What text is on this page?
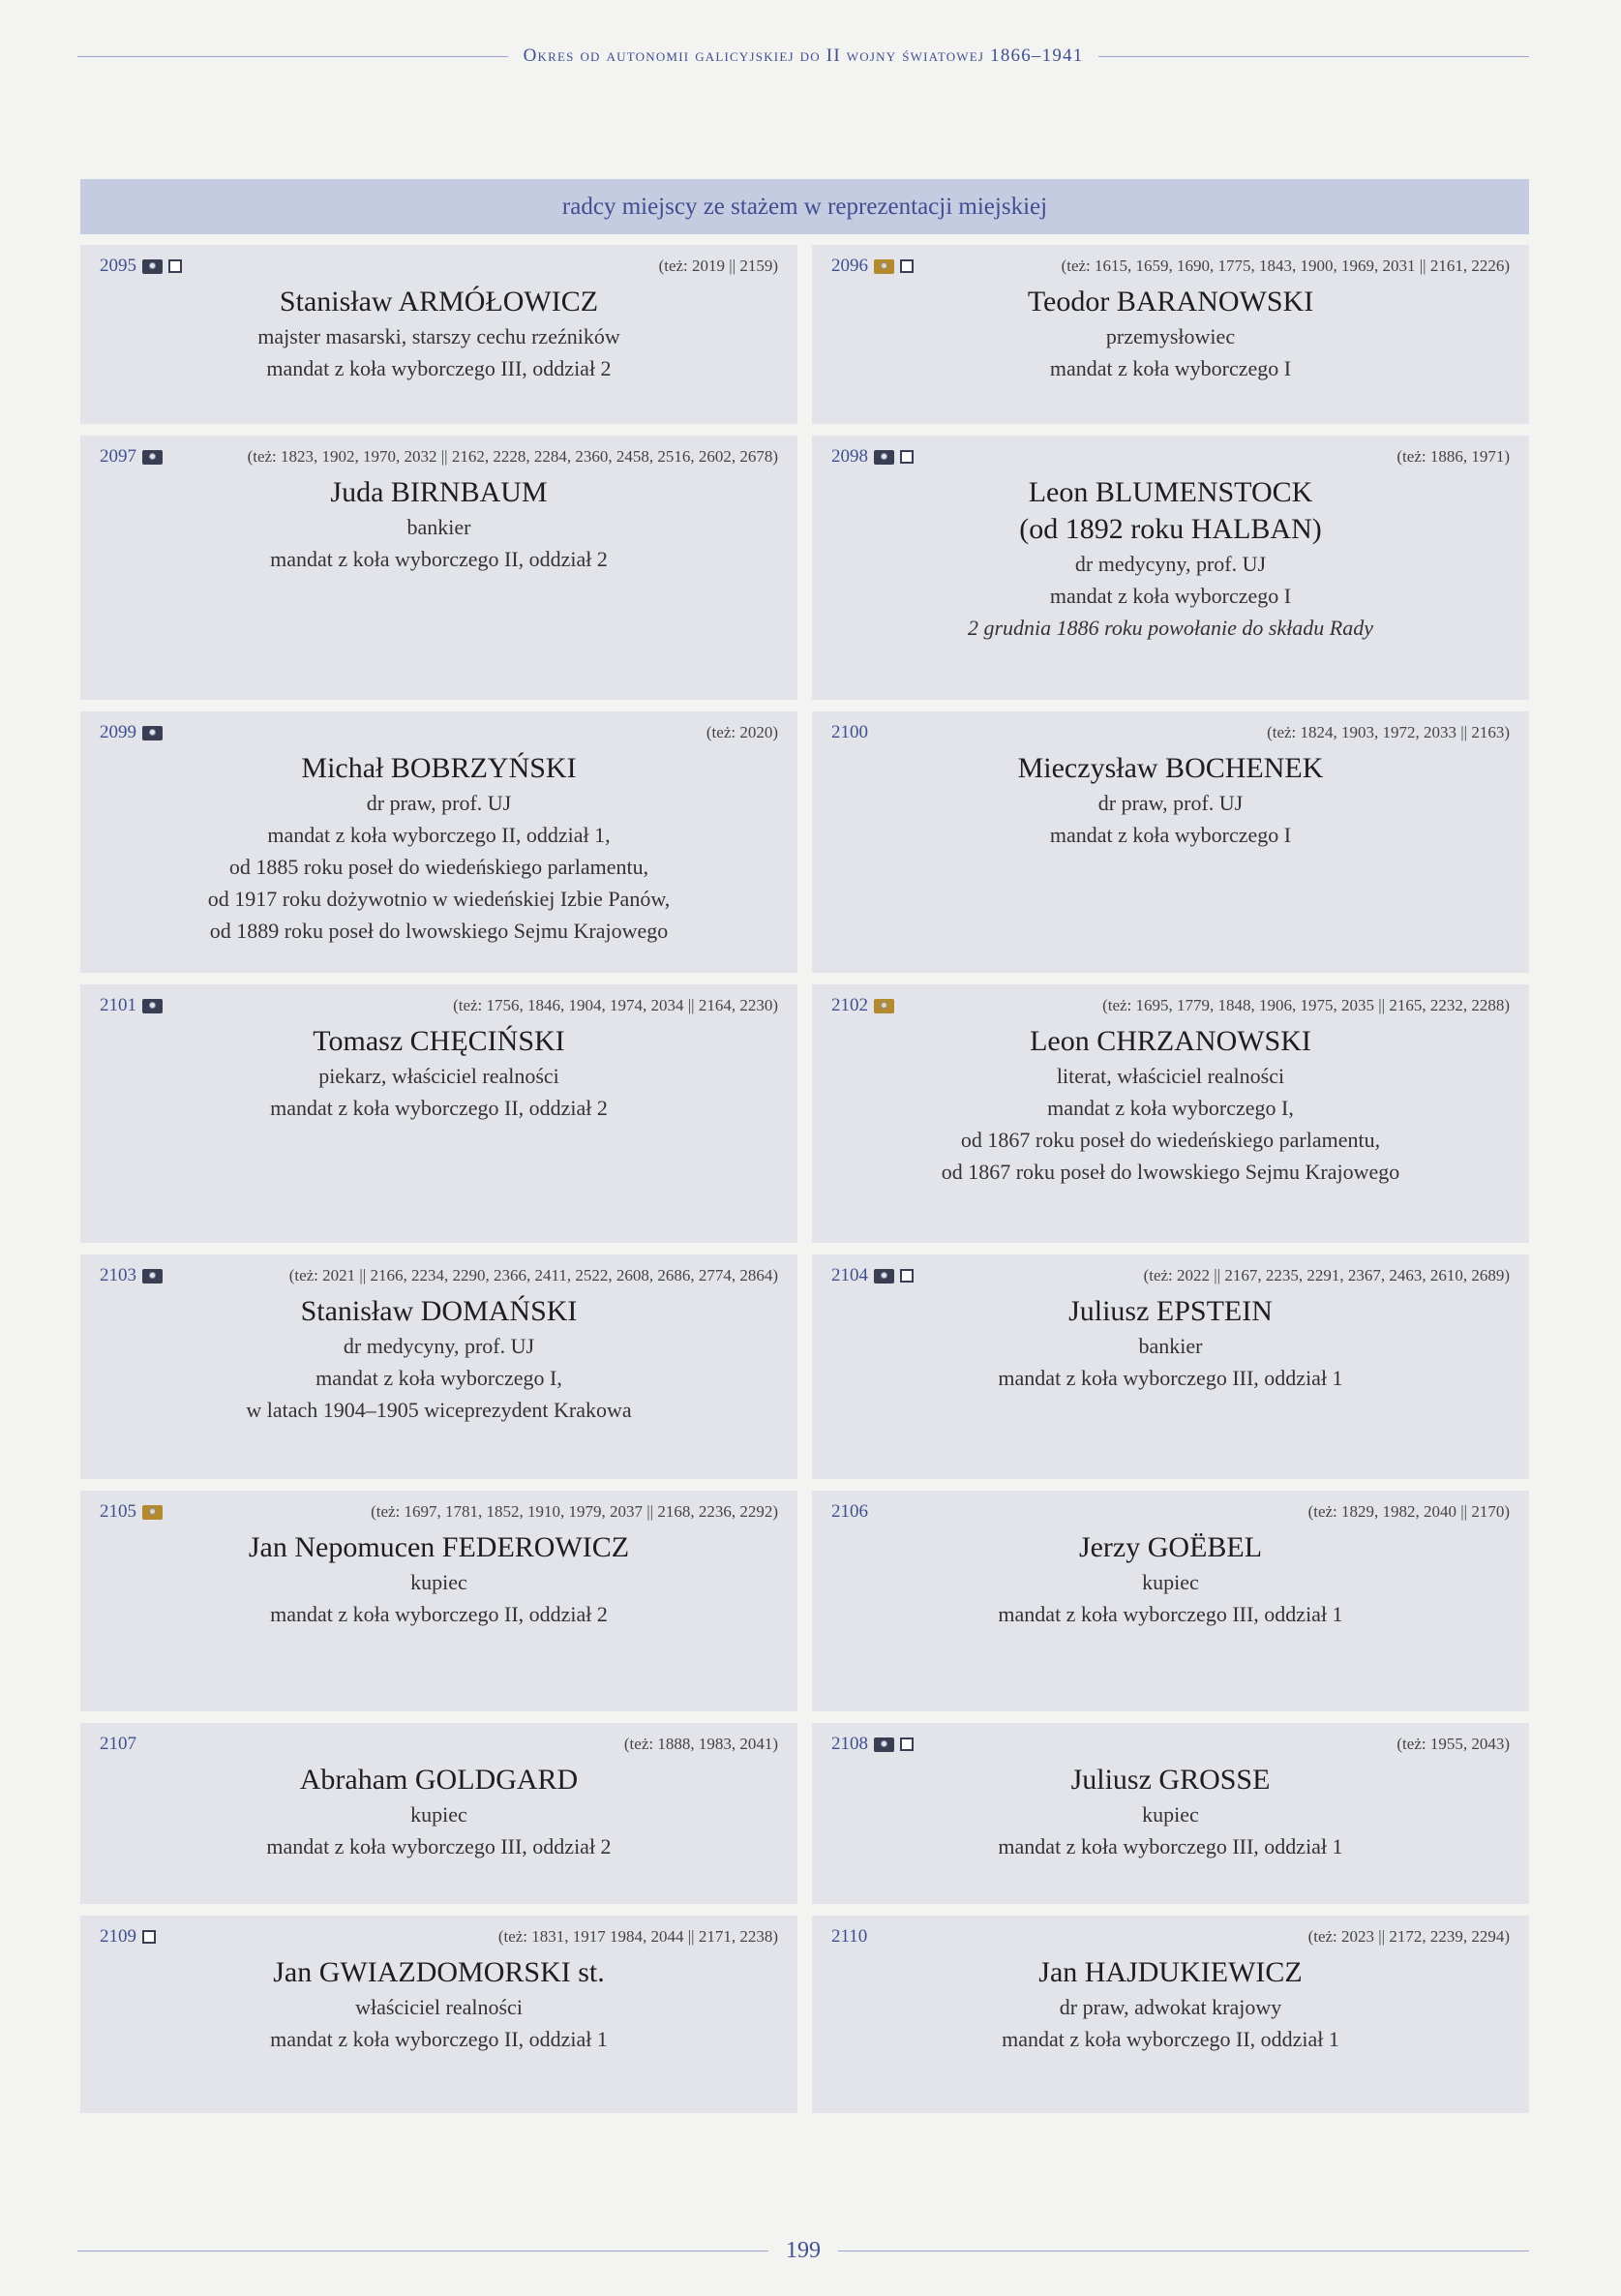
Okres od autonomii galicyjskiej do II wojny światowej 1866–1941
radcy miejscy ze stażem w reprezentacji miejskiej
2095	(też: 2019 || 2159)
Stanisław ARMÓŁOWICZ
majster masarski, starszy cechu rzeźników
mandat z koła wyborczego III, oddział 2
2096	(też: 1615, 1659, 1690, 1775, 1843, 1900, 1969, 2031 || 2161, 2226)
Teodor BARANOWSKI
przemysłowiec
mandat z koła wyborczego I
2097	(też: 1823, 1902, 1970, 2032 || 2162, 2228, 2284, 2360, 2458, 2516, 2602, 2678)
Juda BIRNBAUM
bankier
mandat z koła wyborczego II, oddział 2
2098	(też: 1886, 1971)
Leon BLUMENSTOCK
(od 1892 roku HALBAN)
dr medycyny, prof. UJ
mandat z koła wyborczego I
2 grudnia 1886 roku powołanie do składu Rady
2099	(też: 2020)
Michał BOBRZYŃSKI
dr praw, prof. UJ
mandat z koła wyborczego II, oddział 1,
od 1885 roku poseł do wiedeńskiego parlamentu,
od 1917 roku dożywotnio w wiedeńskiej Izbie Panów,
od 1889 roku poseł do lwowskiego Sejmu Krajowego
2100	(też: 1824, 1903, 1972, 2033 || 2163)
Mieczysław BOCHENEK
dr praw, prof. UJ
mandat z koła wyborczego I
2101	(też: 1756, 1846, 1904, 1974, 2034 || 2164, 2230)
Tomasz CHĘCIŃSKI
piekarz, właściciel realności
mandat z koła wyborczego II, oddział 2
2102	(też: 1695, 1779, 1848, 1906, 1975, 2035 || 2165, 2232, 2288)
Leon CHRZANOWSKI
literat, właściciel realności
mandat z koła wyborczego I,
od 1867 roku poseł do wiedeńskiego parlamentu,
od 1867 roku poseł do lwowskiego Sejmu Krajowego
2103	(też: 2021 || 2166, 2234, 2290, 2366, 2411, 2522, 2608, 2686, 2774, 2864)
Stanisław DOMAŃSKI
dr medycyny, prof. UJ
mandat z koła wyborczego I,
w latach 1904–1905 wiceprezydent Krakowa
2104	(też: 2022 || 2167, 2235, 2291, 2367, 2463, 2610, 2689)
Juliusz EPSTEIN
bankier
mandat z koła wyborczego III, oddział 1
2105	(też: 1697, 1781, 1852, 1910, 1979, 2037 || 2168, 2236, 2292)
Jan Nepomucen FEDEROWICZ
kupiec
mandat z koła wyborczego II, oddział 2
2106	(też: 1829, 1982, 2040 || 2170)
Jerzy GOËBEL
kupiec
mandat z koła wyborczego III, oddział 1
2107	(też: 1888, 1983, 2041)
Abraham GOLDGARD
kupiec
mandat z koła wyborczego III, oddział 2
2108	(też: 1955, 2043)
Juliusz GROSSE
kupiec
mandat z koła wyborczego III, oddział 1
2109	(też: 1831, 1917 1984, 2044 || 2171, 2238)
Jan GWIAZDOMORSKI st.
właściciel realności
mandat z koła wyborczego II, oddział 1
2110	(też: 2023 || 2172, 2239, 2294)
Jan HAJDUKIEWICZ
dr praw, adwokat krajowy
mandat z koła wyborczego II, oddział 1
199
